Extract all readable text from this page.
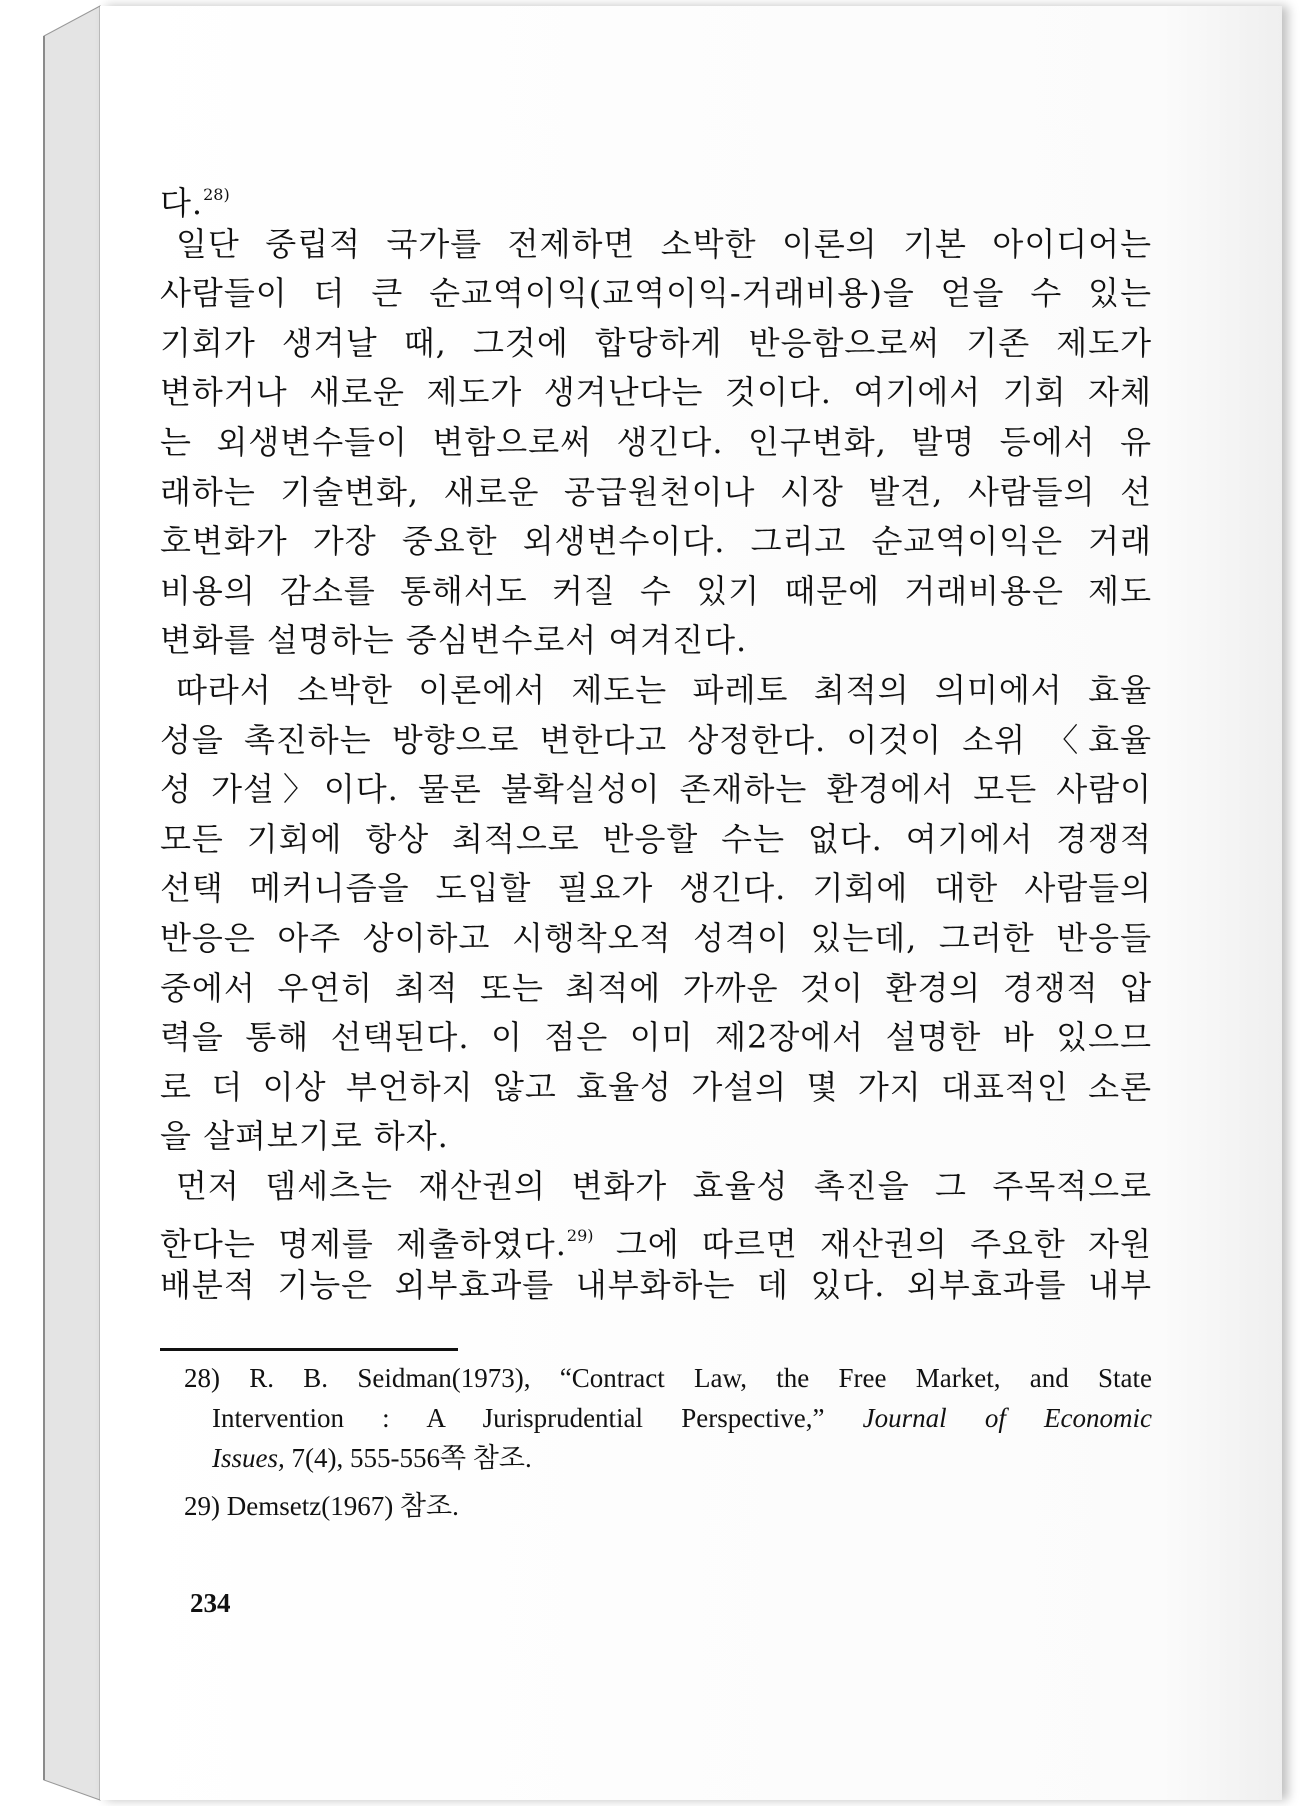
다.$^{28)}$
일단 중립적 국가를 전제하면 소박한 이론의 기본 아이디어는
사람들이 더 큰 순교역이익(교역이익-거래비용)을 얻을 수 있는
기회가 생겨날 때, 그것에 합당하게 반응함으로써 기존 제도가
변하거나 새로운 제도가 생겨난다는 것이다. 여기에서 기회 자체
는 외생변수들이 변함으로써 생긴다. 인구변화, 발명 등에서 유
래하는 기술변화, 새로운 공급원천이나 시장 발견, 사람들의 선
호변화가 가장 중요한 외생변수이다. 그리고 순교역이익은 거래
비용의 감소를 통해서도 커질 수 있기 때문에 거래비용은 제도
변화를 설명하는 중심변수로서 여겨진다.
따라서 소박한 이론에서 제도는 파레토 최적의 의미에서 효율
성을 촉진하는 방향으로 변한다고 상정한다. 이것이 소위 〈효율
성 가설〉이다. 물론 불확실성이 존재하는 환경에서 모든 사람이
모든 기회에 항상 최적으로 반응할 수는 없다. 여기에서 경쟁적
선택 메커니즘을 도입할 필요가 생긴다. 기회에 대한 사람들의
반응은 아주 상이하고 시행착오적 성격이 있는데, 그러한 반응들
중에서 우연히 최적 또는 최적에 가까운 것이 환경의 경쟁적 압
력을 통해 선택된다. 이 점은 이미 제2장에서 설명한 바 있으므
로 더 이상 부언하지 않고 효율성 가설의 몇 가지 대표적인 소론
을 살펴보기로 하자.
먼저 뎀세츠는 재산권의 변화가 효율성 촉진을 그 주목적으로
한다는 명제를 제출하였다.$^{29)}$ 그에 따르면 재산권의 주요한 자원
배분적 기능은 외부효과를 내부화하는 데 있다. 외부효과를 내부
28) R. B. Seidman(1973), “Contract Law, the Free Market, and State
Intervention : A Jurisprudential Perspective,” Journal of Economic
Issues, 7(4), 555-556쪽 참조.
29) Demsetz(1967) 참조.
234
